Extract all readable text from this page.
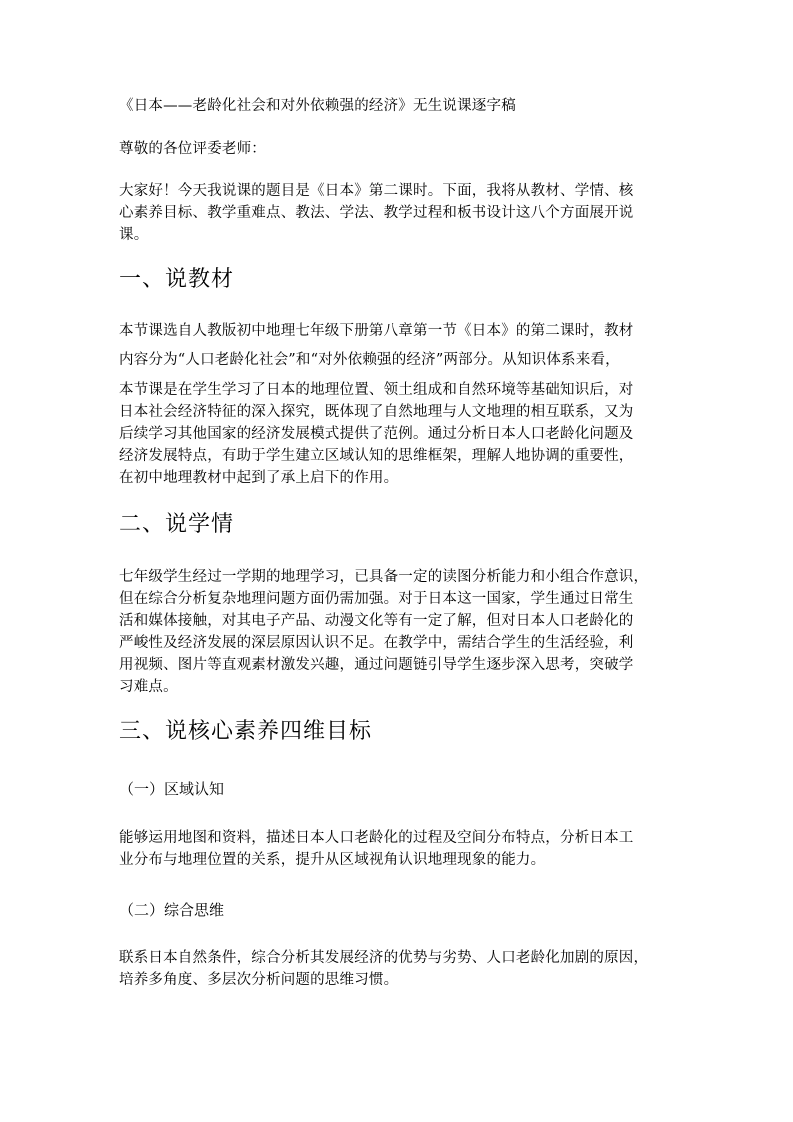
《日本——老龄化社会和对外依赖强的经济》无生说课逐字稿
尊敬的各位评委老师：
大家好！今天我说课的题目是《日本》第二课时。下面，我将从教材、学情、核
心素养目标、教学重难点、教法、学法、教学过程和板书设计这八个方面展开说
课。
一、说教材
本节课选自人教版初中地理七年级下册第八章第一节《日本》的第二课时，教材
内容分为“人口老龄化社会”和“对外依赖强的经济”两部分。从知识体系来看，
本节课是在学生学习了日本的地理位置、领土组成和自然环境等基础知识后，对
日本社会经济特征的深入探究，既体现了自然地理与人文地理的相互联系，又为
后续学习其他国家的经济发展模式提供了范例。通过分析日本人口老龄化问题及
经济发展特点，有助于学生建立区域认知的思维框架，理解人地协调的重要性，
在初中地理教材中起到了承上启下的作用。
二、说学情
七年级学生经过一学期的地理学习，已具备一定的读图分析能力和小组合作意识，
但在综合分析复杂地理问题方面仍需加强。对于日本这一国家，学生通过日常生
活和媒体接触，对其电子产品、动漫文化等有一定了解，但对日本人口老龄化的
严峻性及经济发展的深层原因认识不足。在教学中，需结合学生的生活经验，利
用视频、图片等直观素材激发兴趣，通过问题链引导学生逐步深入思考，突破学
习难点。
三、说核心素养四维目标
（一）区域认知
能够运用地图和资料，描述日本人口老龄化的过程及空间分布特点，分析日本工
业分布与地理位置的关系，提升从区域视角认识地理现象的能力。
（二）综合思维
联系日本自然条件，综合分析其发展经济的优势与劣势、人口老龄化加剧的原因，
培养多角度、多层次分析问题的思维习惯。
